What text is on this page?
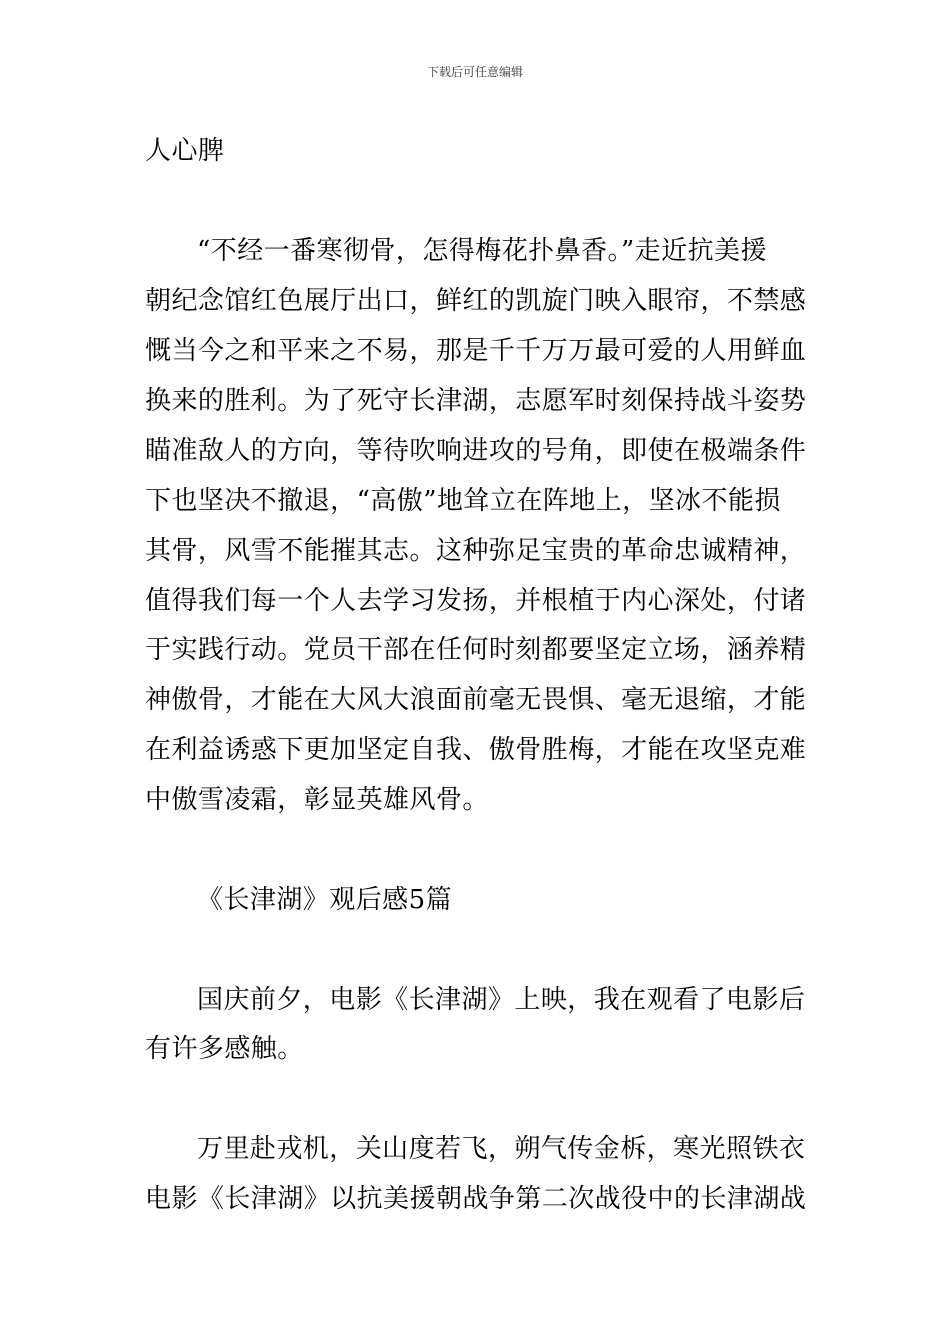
下载后可任意编辑
人心脾
“不经一番寒彻骨，怎得梅花扑鼻香。”走近抗美援
朝纪念馆红色展厅出口，鲜红的凯旋门映入眼帘，不禁感
慨当今之和平来之不易，那是千千万万最可爱的人用鲜血
换来的胜利。为了死守长津湖，志愿军时刻保持战斗姿势
瞄准敌人的方向，等待吹响进攻的号角，即使在极端条件
下也坚决不撤退，“高傲”地耸立在阵地上，坚冰不能损
其骨，风雪不能摧其志。这种弥足宝贵的革命忠诚精神，
值得我们每一个人去学习发扬，并根植于内心深处，付诸
于实践行动。党员干部在任何时刻都要坚定立场，涵养精
神傲骨，才能在大风大浪面前毫无畏惧、毫无退缩，才能
在利益诱惑下更加坚定自我、傲骨胜梅，才能在攻坚克难
中傲雪凌霜，彰显英雄风骨。
《长津湖》观后感5篇
国庆前夕，电影《长津湖》上映，我在观看了电影后
有许多感触。
万里赴戎机，关山度若飞，朔气传金柝，寒光照铁衣
电影《长津湖》以抗美援朝战争第二次战役中的长津湖战
